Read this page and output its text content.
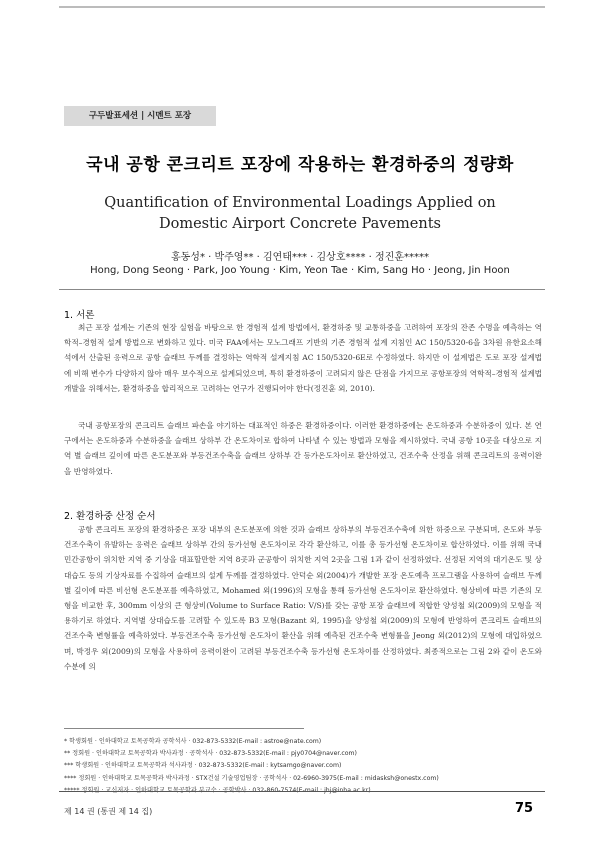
구두발표세션 | 시멘트 포장
국내 공항 콘크리트 포장에 작용하는 환경하중의 정량화
Quantification of Environmental Loadings Applied on
Domestic Airport Concrete Pavements
홍동성* · 박주영** · 김연태*** · 김상호**** · 정진훈*****
Hong, Dong Seong · Park, Joo Young · Kim, Yeon Tae · Kim, Sang Ho · Jeong, Jin Hoon
1. 서론
최근 포장 설계는 기존의 현장 실험을 바탕으로 한 경험적 설계 방법에서, 환경하중 및 교통하중을 고려하여 포장의 잔존 수명을 예측하는 역학적–경험적 설계 방법으로 변화하고 있다. 미국 FAA에서는 모노그래프 기반의 기존 경험적 설계 지침인 AC 150/5320-6을 3차원 유한요소해석에서 산출된 응력으로 공항 슬래브 두께를 결정하는 역학적 설계지침 AC 150/5320-6E로 수정하였다. 하지만 이 설계법은 도로 포장 설계법에 비해 변수가 다양하지 않아 매우 보수적으로 설계되었으며, 특히 환경하중이 고려되지 않은 단점을 가지므로 공항포장의 역학적–경험적 설계법 개발을 위해서는, 환경하중을 합리적으로 고려하는 연구가 진행되어야 한다(정진훈 외, 2010).
국내 공항포장의 콘크리트 슬래브 파손을 야기하는 대표적인 하중은 환경하중이다. 이러한 환경하중에는 온도하중과 수분하중이 있다. 본 연구에서는 온도하중과 수분하중을 슬래브 상하부 간 온도차이로 합하여 나타낼 수 있는 방법과 모형을 제시하였다. 국내 공항 10곳을 대상으로 지역 별 슬래브 깊이에 따른 온도분포와 부등건조수축을 슬래브 상하부 간 등가온도차이로 환산하였고, 건조수축 산정을 위해 콘크리트의 응력이완을 반영하였다.
2. 환경하중 산정 순서
공항 콘크리트 포장의 환경하중은 포장 내부의 온도분포에 의한 것과 슬래브 상하부의 부등건조수축에 의한 하중으로 구분되며, 온도와 부등건조수축이 유발하는 응력은 슬래브 상하부 간의 등가선형 온도차이로 각각 환산하고, 이를 총 등가선형 온도차이로 합산하였다. 이를 위해 국내 민간공항이 위치한 지역 중 기상을 대표할만한 지역 8곳과 군공항이 위치한 지역 2곳을 그림 1과 같이 선정하였다. 선정된 지역의 대기온도 및 상대습도 등의 기상자료를 수집하여 슬래브의 설계 두께를 결정하였다. 안덕순 외(2004)가 개발한 포장 온도예측 프로그램을 사용하여 슬래브 두께별 깊이에 따른 비선형 온도분포를 예측하였고, Mohamed 외(1996)의 모형을 통해 등가선형 온도차이로 환산하였다. 형상비에 따른 기존의 모형을 비교한 후, 300mm 이상의 큰 형상비(Volume to Surface Ratio: V/S)를 갖는 공항 포장 슬래브에 적합한 양성철 외(2009)의 모형을 적용하기로 하였다. 지역별 상대습도를 고려할 수 있도록 B3 모형(Bazant 외, 1995)을 양성철 외(2009)의 모형에 반영하여 콘크리트 슬래브의 건조수축 변형률을 예측하였다. 부등건조수축 등가선형 온도차이 환산을 위해 예측된 건조수축 변형률을 Jeong 외(2012)의 모형에 대입하였으며, 박정우 외(2009)의 모형을 사용하여 응력이완이 고려된 부등건조수축 등가선형 온도차이를 산정하였다. 최종적으로는 그림 2와 같이 온도와 수분에 의
* 학생회원 · 인하대학교 토목공학과 공학석사 · 032-873-5332(E-mail : astroe@nate.com)
** 정회원 · 인하대학교 토목공학과 박사과정 · 공학석사 · 032-873-5332(E-mail : pjy0704@naver.com)
*** 학생회원 · 인하대학교 토목공학과 석사과정 · 032-873-5332(E-mail : kytsamgo@naver.com)
**** 정회원 · 인하대학교 토목공학과 박사과정 · STX건설 기술영업팀장 · 공학석사 · 02-6960-3975(E-mail : midasksh@onestx.com)
제 14 권 (통권 제 14 집)	75
